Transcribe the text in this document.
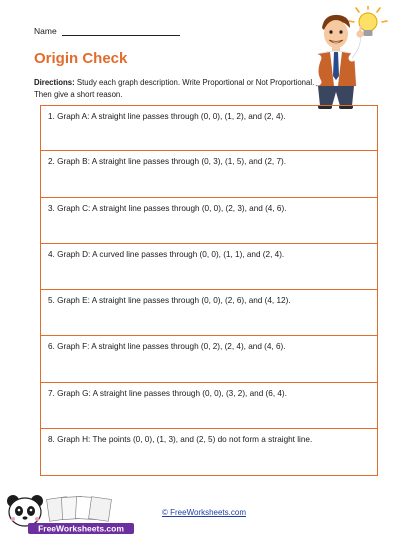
Name
Origin Check
Directions: Study each graph description. Write Proportional or Not Proportional. Then give a short reason.
1. Graph A: A straight line passes through (0, 0), (1, 2), and (2, 4).
2. Graph B: A straight line passes through (0, 3), (1, 5), and (2, 7).
3. Graph C: A straight line passes through (0, 0), (2, 3), and (4, 6).
4. Graph D: A curved line passes through (0, 0), (1, 1), and (2, 4).
5. Graph E: A straight line passes through (0, 0), (2, 6), and (4, 12).
6. Graph F: A straight line passes through (0, 2), (2, 4), and (4, 6).
7. Graph G: A straight line passes through (0, 0), (3, 2), and (6, 4).
8. Graph H: The points (0, 0), (1, 3), and (2, 5) do not form a straight line.
FreeWorksheets.com
© FreeWorksheets.com
